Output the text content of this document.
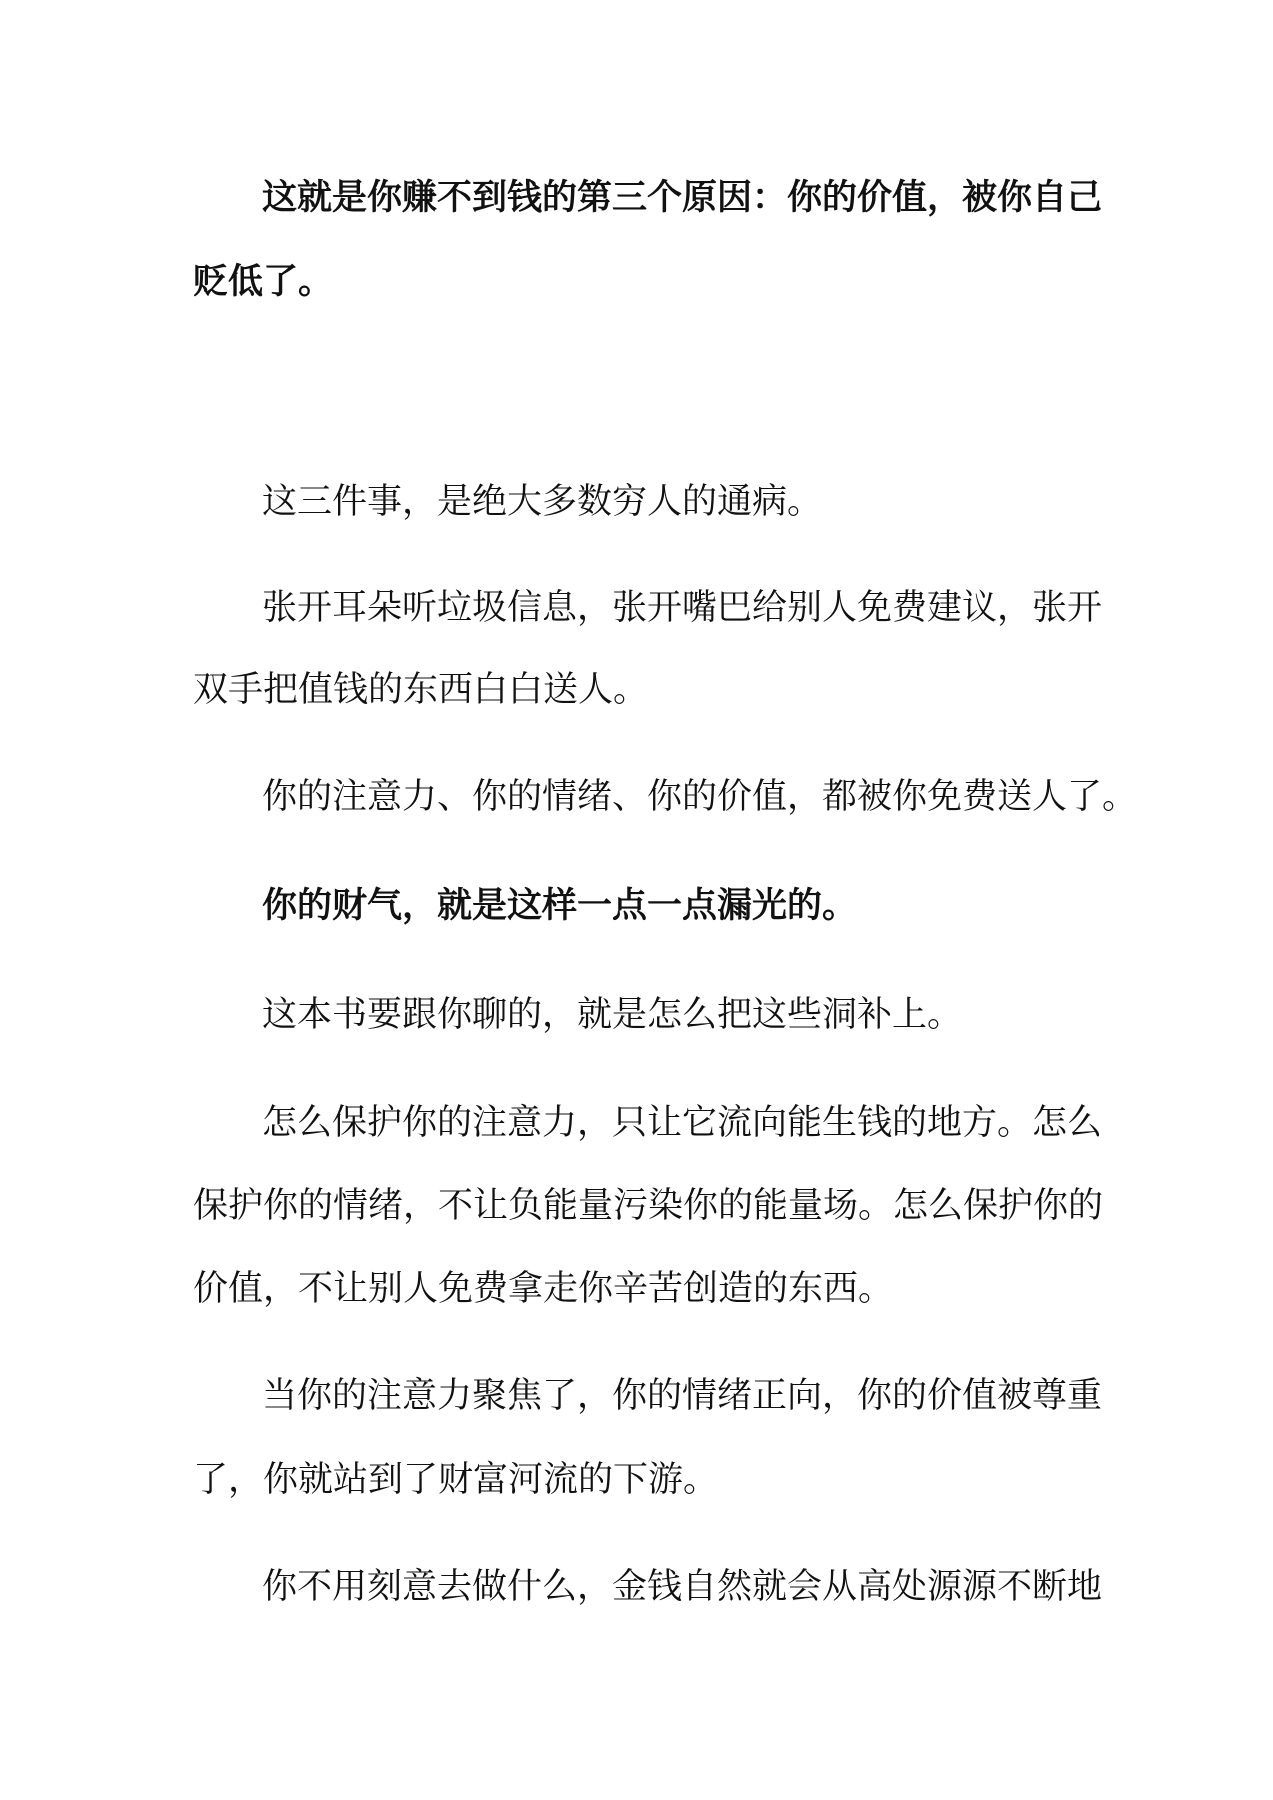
这就是你赚不到钱的第三个原因：你的价值，被你自己

贬低了。

这三件事，是绝大多数穷人的通病。

张开耳朵听垃圾信息，张开嘴巴给别人免费建议，张开

双手把值钱的东西白白送人。

你的注意力、你的情绪、你的价值，都被你免费送人了。

你的财气，就是这样一点一点漏光的。

这本书要跟你聊的，就是怎么把这些洞补上。

怎么保护你的注意力，只让它流向能生钱的地方。怎么

保护你的情绪，不让负能量污染你的能量场。怎么保护你的

价值，不让别人免费拿走你辛苦创造的东西。

当你的注意力聚焦了，你的情绪正向，你的价值被尊重

了，你就站到了财富河流的下游。

你不用刻意去做什么，金钱自然就会从高处源源不断地
